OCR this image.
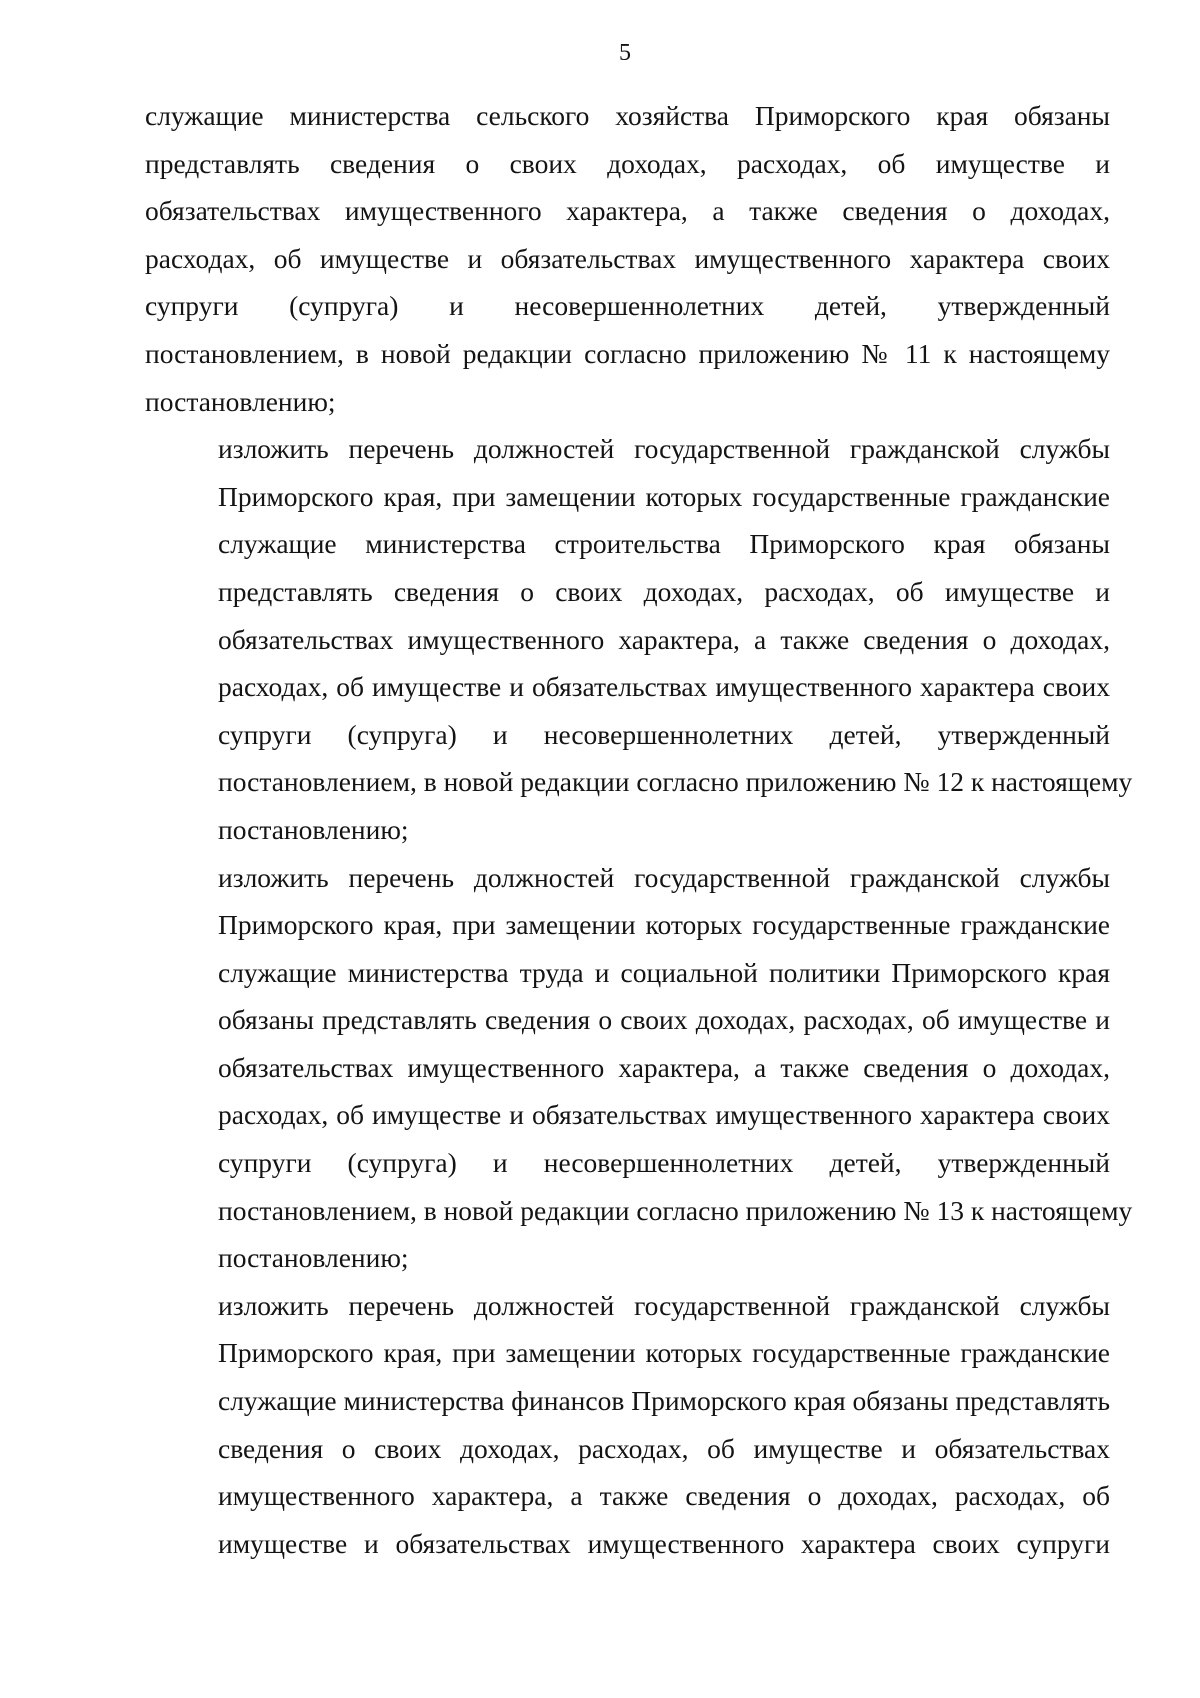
5

служащие министерства сельского хозяйства Приморского края обязаны
представлять сведения о своих доходах, расходах, об имуществе и
обязательствах имущественного характера, а также сведения о доходах,
расходах, об имуществе и обязательствах имущественного характера своих
супруги (супруга) и несовершеннолетних детей, утвержденный
постановлением, в новой редакции согласно приложению № 11 к настоящему
постановлению;

изложить перечень должностей государственной гражданской службы
Приморского края, при замещении которых государственные гражданские
служащие министерства строительства Приморского края обязаны
представлять сведения о своих доходах, расходах, об имуществе и
обязательствах имущественного характера, а также сведения о доходах,
расходах, об имуществе и обязательствах имущественного характера своих
супруги (супруга) и несовершеннолетних детей, утвержденный
постановлением, в новой редакции согласно приложению № 12 к настоящему
постановлению;

изложить перечень должностей государственной гражданской службы
Приморского края, при замещении которых государственные гражданские
служащие министерства труда и социальной политики Приморского края
обязаны представлять сведения о своих доходах, расходах, об имуществе и
обязательствах имущественного характера, а также сведения о доходах,
расходах, об имуществе и обязательствах имущественного характера своих
супруги (супруга) и несовершеннолетних детей, утвержденный
постановлением, в новой редакции согласно приложению № 13 к настоящему
постановлению;

изложить перечень должностей государственной гражданской службы
Приморского края, при замещении которых государственные гражданские
служащие министерства финансов Приморского края обязаны представлять
сведения о своих доходах, расходах, об имуществе и обязательствах
имущественного характера, а также сведения о доходах, расходах, об
имуществе и обязательствах имущественного характера своих супруги
